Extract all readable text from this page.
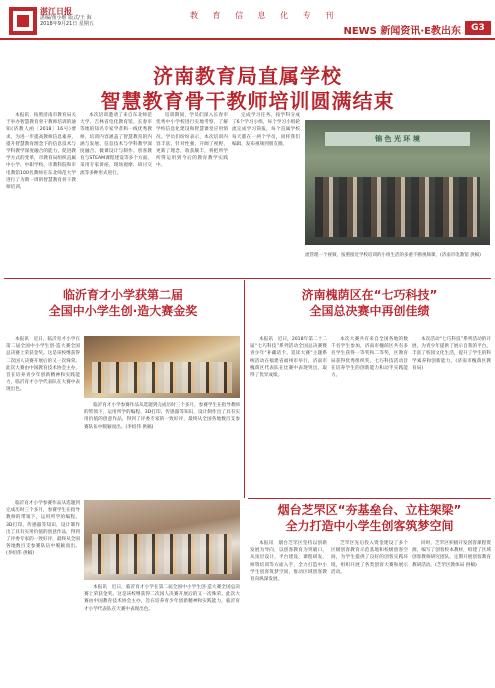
湛江日报
湛编/黄小维 版式/王 海
2018年9月21日 星期五
教 育 信 息 化 专 刊
NEWS 新闻资讯·E教出东	G3
济南教育局直属学校
智慧教育骨干教师培训圆满结束

本报讯　按照济南市教育局关于举办智慧教育骨干教师培训的通知(济教人函〔2018〕16号)要求，为进一步提高教师信息素养，提升智慧教育理念下的信息技术与学科教学深度融合的能力，促进教学方式的变革，市教育局组织直属中小学、中职学校、市教科院和市电教馆100名教师在东北师范大学进行了为期一周的智慧教育骨干教师培训，

本次培训邀请了来自东北师范大学、吉林省电化教育馆、长春市等地的知名专家学者和一线优秀教师，培训内容涵盖了智慧教育的内涵与发展、信息技术与学科教学深度融合、微课设计与制作、创客教育与STEAM课程建设等多个方面，采用专家讲座、现场观摩、研讨交流等多种形式进行。

培训期间，学员们深入长春市优秀中小学校进行实地考察，了解学校信息化建设和智慧课堂应用情况。学员们纷纷表示，本次培训内容丰富、针对性强，开阔了视野，更新了理念，收获颇丰，将把所学所得运用到今后的教育教学实践中。

完成学习任务。按学科分成了6个学习小组，每个学习小组轮流完成学习简报，每个直属学校每天都在一两个学员，同样我们编辑，发布视频到朋友圈，

锦 色 光 环 境
流管理一个视频，按照接近学校培训的小组生活的多重不断视频课，(济南市电教馆 供稿)
临沂育才小学获第二届
全国中小学生创·造大赛金奖

本报讯　近日，临沂育才小学在第二届全国中小学生创·造大赛全国总决赛上荣获金奖。这是该校继获得二次国人决赛开展后的又一次殊荣。此次大赛由中国教育技术协会主办，旨在培养青少年创新精神和实践能力，临沂育才小学代表队在大赛中表现出色。

临沂育才小学参赛作品从选题到完成历时三个多月，参赛学生在指导教师的带领下，运用所学的编程、3D打印、传感器等知识，设计制作出了具有实用价值的创意作品，得到了评委专家的一致好评，最终从全国各地数百支参赛队伍中脱颖而出。(李绍伟 供稿)

济南槐荫区在“七巧科技”
全国总决赛中再创佳绩

本报讯　近日，2018年第二十二届“七巧科技”系列活动全国总决赛暨青少年“补藏话卡、追读大赛”主题系统活动在福建省福州市举行，济南市槐荫区代表队在比赛中表现突出，取得了优异成绩。

本次大赛共有来自全国各地的数千名学生参加，济南市槐荫区共有多名学生获得一等奖和二等奖，区教育局获得优秀组织奖。七巧科技活动旨在培养学生的创新能力和动手实践能力。

本次活动“七巧科技”系列活动的开展，为青少年提供了展示自我的平台，丰富了校园文化生活，提升了学生的科学素养和创新能力。(济南市槐荫区教育局)

烟台芝罘区“夯基垒台、立柱架梁”
全力打造中小学生创客筑梦空间

临沂育才小学参赛作品从选题到完成历时三个多月，参赛学生在指导教师的带领下，运用所学的编程、3D打印、传感器等知识，设计制作出了具有实用价值的创意作品，得到了评委专家的一致好评，最终从全国各地数百支参赛队伍中脱颖而出。(李绍伟 供稿)

本报讯　近日，临沂育才小学在第二届全国中小学生创·造大赛全国总决赛上荣获金奖。这是该校继获得二次国人决赛开展后的又一次殊荣。此次大赛由中国教育技术协会主办，旨在培养青少年创新精神和实践能力，临沂育才小学代表队在大赛中表现出色。

本报讯　烟台芝罘区坚持以创新发展为导向，以创客教育为突破口，从顶层设计、平台建设、课程研发、师资培训等方面入手，全力打造中小学生创客筑梦空间，推动区域创客教育向纵深发展。

芝罘区先后投入资金建设了多个区级创客教育示范基地和校级创客空间，为学生提供了良好的创客实践环境，组织开展了各类创客大赛和展示活动。

同时，芝罘区积极开发创客课程资源，编写了创客校本教材，组建了区域创客教师研究团队，定期开展创客教育教研活动。(芝罘区教体局 供稿)
